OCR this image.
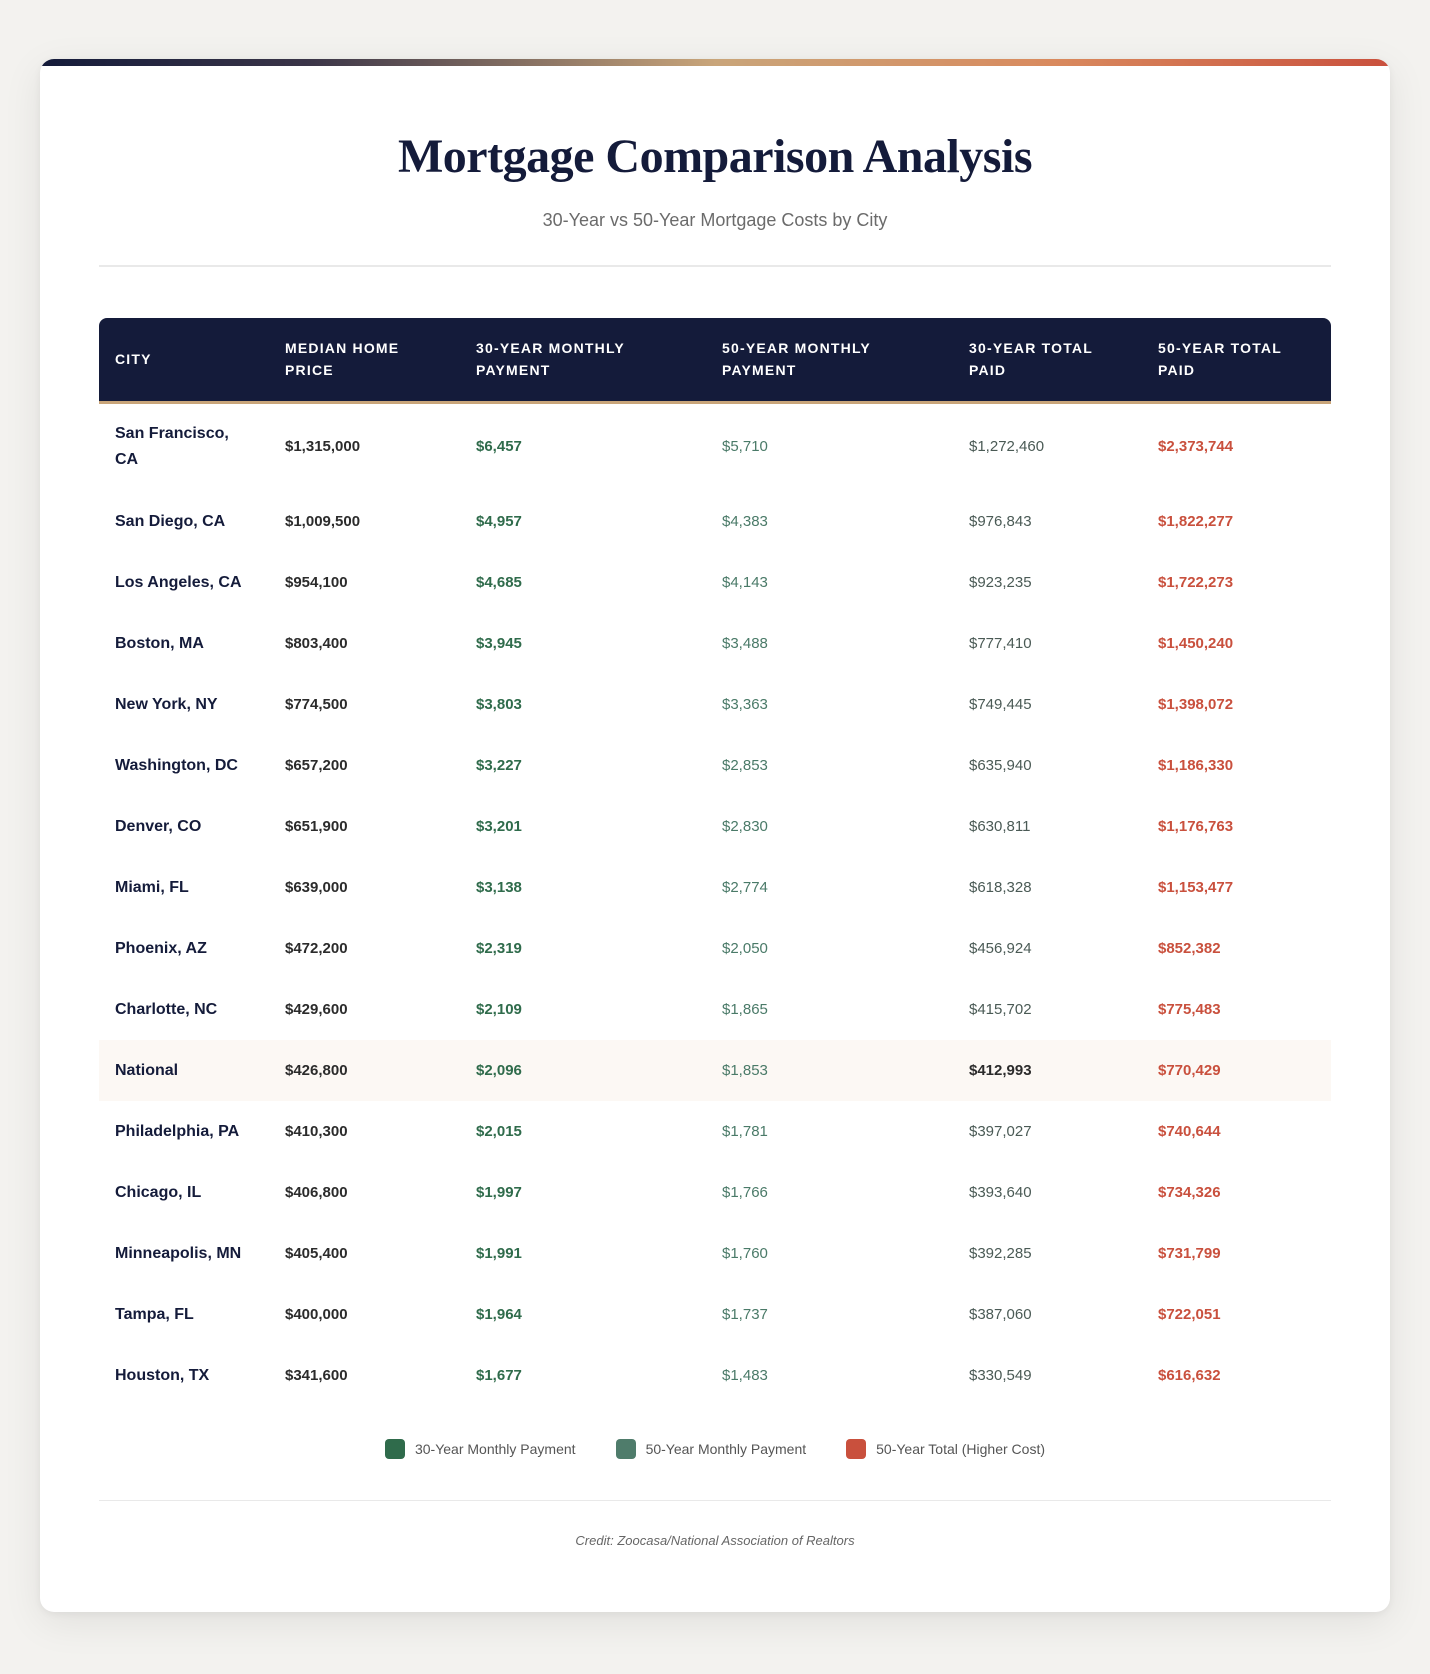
Mortgage Comparison Analysis
30-Year vs 50-Year Mortgage Costs by City
CITY	MEDIAN HOME PRICE	30-YEAR MONTHLY PAYMENT	50-YEAR MONTHLY PAYMENT	30-YEAR TOTAL PAID	50-YEAR TOTAL PAID
San Francisco, CA	$1,315,000	$6,457	$5,710	$1,272,460	$2,373,744
San Diego, CA	$1,009,500	$4,957	$4,383	$976,843	$1,822,277
Los Angeles, CA	$954,100	$4,685	$4,143	$923,235	$1,722,273
Boston, MA	$803,400	$3,945	$3,488	$777,410	$1,450,240
New York, NY	$774,500	$3,803	$3,363	$749,445	$1,398,072
Washington, DC	$657,200	$3,227	$2,853	$635,940	$1,186,330
Denver, CO	$651,900	$3,201	$2,830	$630,811	$1,176,763
Miami, FL	$639,000	$3,138	$2,774	$618,328	$1,153,477
Phoenix, AZ	$472,200	$2,319	$2,050	$456,924	$852,382
Charlotte, NC	$429,600	$2,109	$1,865	$415,702	$775,483
National	$426,800	$2,096	$1,853	$412,993	$770,429
Philadelphia, PA	$410,300	$2,015	$1,781	$397,027	$740,644
Chicago, IL	$406,800	$1,997	$1,766	$393,640	$734,326
Minneapolis, MN	$405,400	$1,991	$1,760	$392,285	$731,799
Tampa, FL	$400,000	$1,964	$1,737	$387,060	$722,051
Houston, TX	$341,600	$1,677	$1,483	$330,549	$616,632
30-Year Monthly Payment	50-Year Monthly Payment	50-Year Total (Higher Cost)
Credit: Zoocasa/National Association of Realtors
